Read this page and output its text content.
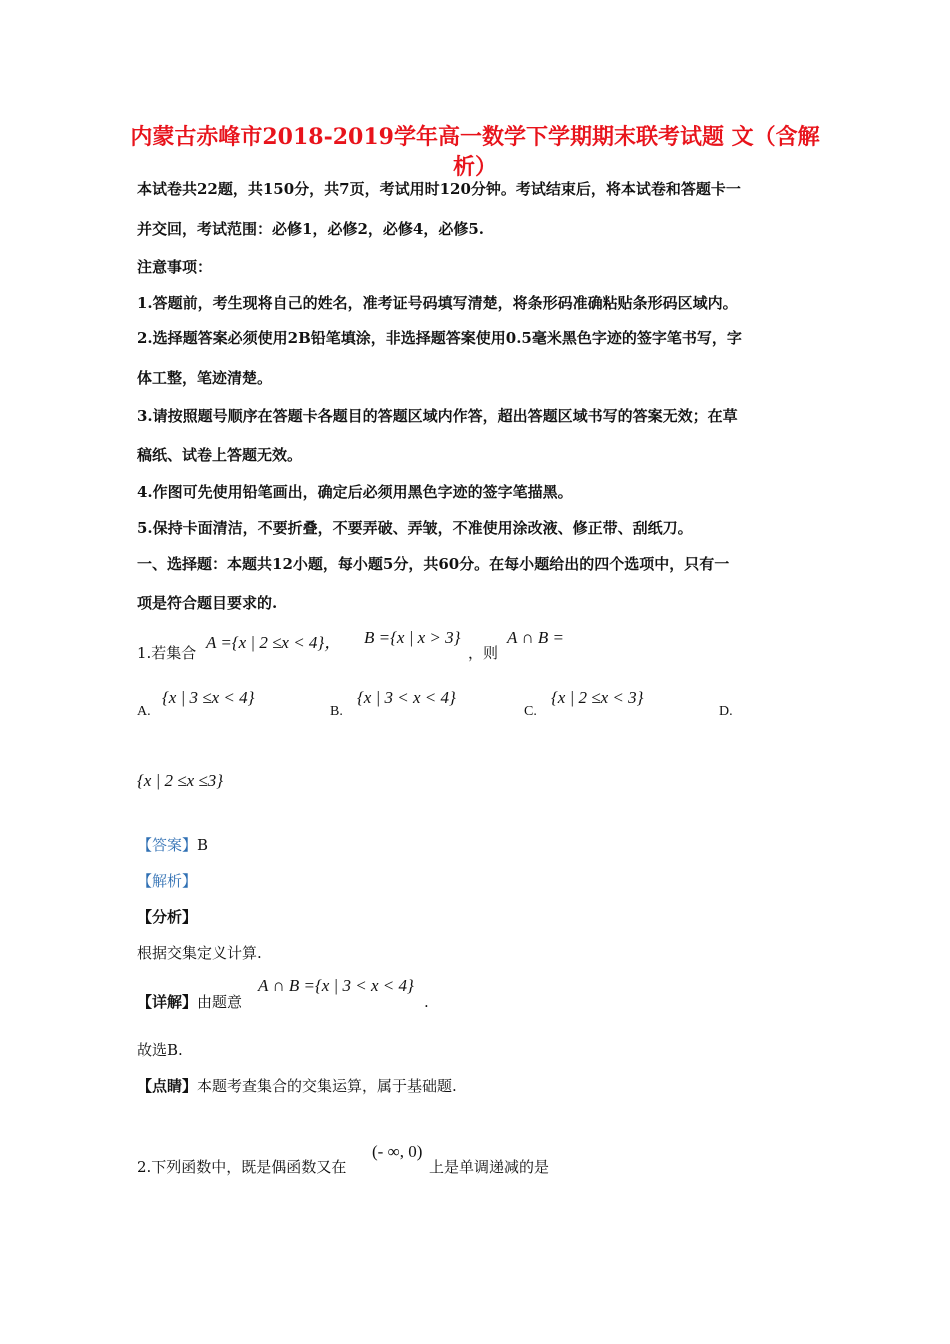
内蒙古赤峰市2018-2019学年高一数学下学期期末联考试题 文（含解析）
本试卷共22题，共150分，共7页，考试用时120分钟。考试结束后，将本试卷和答题卡一
并交回，考试范围：必修1，必修2，必修4，必修5.
注意事项：
1.答题前，考生现将自己的姓名，准考证号码填写清楚，将条形码准确粘贴条形码区域内。
2.选择题答案必须使用2B铅笔填涂，非选择题答案使用0.5毫米黑色字迹的签字笔书写，字
体工整，笔迹清楚。
3.请按照题号顺序在答题卡各题目的答题区域内作答，超出答题区域书写的答案无效；在草
稿纸、试卷上答题无效。
4.作图可先使用铅笔画出，确定后必须用黑色字迹的签字笔描黑。
5.保持卡面清洁，不要折叠，不要弄破、弄皱，不准使用涂改液、修正带、刮纸刀。
一、选择题：本题共12小题，每小题5分，共60分。在每小题给出的四个选项中，只有一
项是符合题目要求的.
1.若集合
A ={x | 2 ≤x < 4}， B ={x | x > 3}
，则
A ∩ B =
A.
{x | 3 ≤x < 4}
B.
{x | 3 < x < 4}
C.
{x | 2 ≤x < 3}
D.
{x | 2 ≤x ≤3}
【答案】B
【解析】
【分析】
根据交集定义计算.
【详解】由题意
A ∩ B ={x | 3 < x < 4}
.
故选B.
【点睛】本题考查集合的交集运算，属于基础题.
2.下列函数中，既是偶函数又在
(- ∞, 0)
上是单调递减的是
